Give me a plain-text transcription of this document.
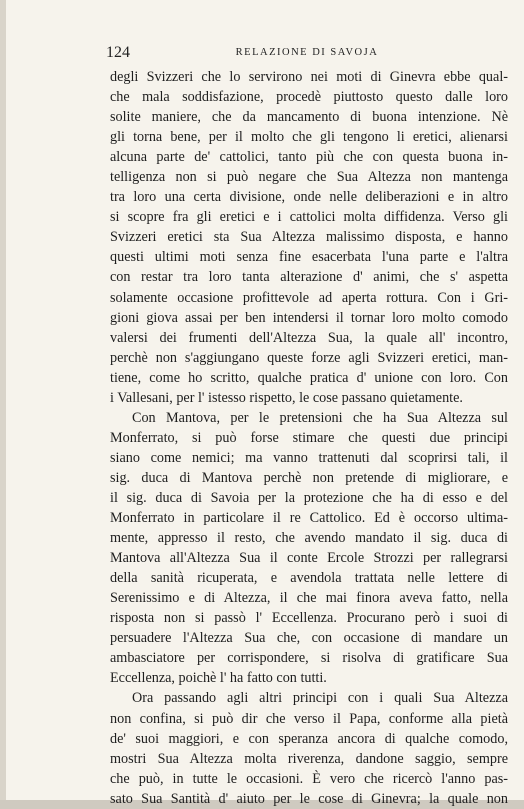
124	RELAZIONE DI SAVOJA
degli Svizzeri che lo servirono nei moti di Ginevra ebbe qual-
che mala soddisfazione, procedè piuttosto questo dalle loro
solite maniere, che da mancamento di buona intenzione. Nè
gli torna bene, per il molto che gli tengono li eretici, alienarsi
alcuna parte de' cattolici, tanto più che con questa buona in-
telligenza non si può negare che Sua Altezza non mantenga
tra loro una certa divisione, onde nelle deliberazioni e in altro
si scopre fra gli eretici e i cattolici molta diffidenza. Verso gli
Svizzeri eretici sta Sua Altezza malissimo disposta, e hanno
questi ultimi moti senza fine esacerbata l'una parte e l'altra
con restar tra loro tanta alterazione d' animi, che s' aspetta
solamente occasione profittevole ad aperta rottura. Con i Gri-
gioni giova assai per ben intendersi il tornar loro molto comodo
valersi dei frumenti dell'Altezza Sua, la quale all' incontro,
perchè non s'aggiungano queste forze agli Svizzeri eretici, man-
tiene, come ho scritto, qualche pratica d' unione con loro. Con
i Vallesani, per l' istesso rispetto, le cose passano quietamente.
Con Mantova, per le pretensioni che ha Sua Altezza sul
Monferrato, si può forse stimare che questi due principi
siano come nemici; ma vanno trattenuti dal scoprirsi tali, il
sig. duca di Mantova perchè non pretende di migliorare, e
il sig. duca di Savoia per la protezione che ha di esso e del
Monferrato in particolare il re Cattolico. Ed è occorso ultima-
mente, appresso il resto, che avendo mandato il sig. duca di
Mantova all'Altezza Sua il conte Ercole Strozzi per rallegrarsi
della sanità ricuperata, e avendola trattata nelle lettere di
Serenissimo e di Altezza, il che mai finora aveva fatto, nella
risposta non si passò l' Eccellenza. Procurano però i suoi di
persuadere l'Altezza Sua che, con occasione di mandare un
ambasciatore per corrispondere, si risolva di gratificare Sua
Eccellenza, poichè l' ha fatto con tutti.
Ora passando agli altri principi con i quali Sua Altezza
non confina, si può dir che verso il Papa, conforme alla pietà
de' suoi maggiori, e con speranza ancora di qualche comodo,
mostri Sua Altezza molta riverenza, dandone saggio, sempre
che può, in tutte le occasioni. È vero che ricercò l'anno pas-
sato Sua Santità d' aiuto per le cose di Ginevra; la quale non
